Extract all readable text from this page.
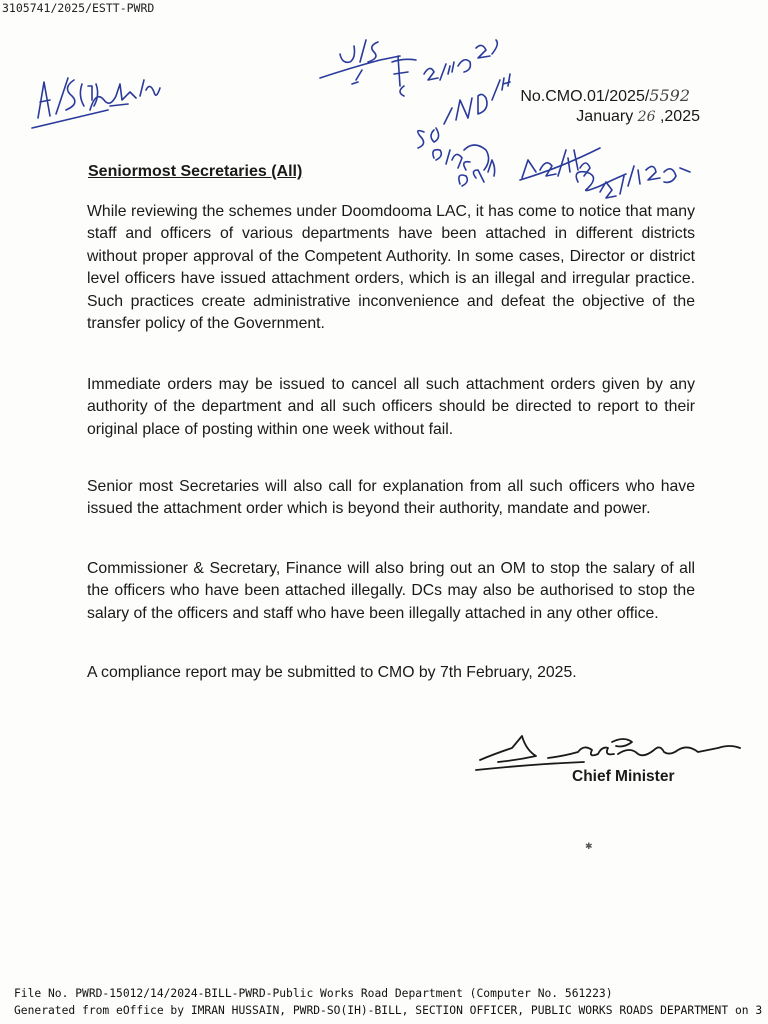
3105741/2025/ESTT-PWRD
No.CMO.01/2025/5592
January 26 ,2025
Seniormost Secretaries (All)

While reviewing the schemes under Doomdooma LAC, it has come to notice that many staff and officers of various departments have been attached in different districts without proper approval of the Competent Authority. In some cases, Director or district level officers have issued attachment orders, which is an illegal and irregular practice. Such practices create administrative inconvenience and defeat the objective of the transfer policy of the Government.

Immediate orders may be issued to cancel all such attachment orders given by any authority of the department and all such officers should be directed to report to their original place of posting within one week without fail.

Senior most Secretaries will also call for explanation from all such officers who have issued the attachment order which is beyond their authority, mandate and power.

Commissioner & Secretary, Finance will also bring out an OM to stop the salary of all the officers who have been attached illegally. DCs may also be authorised to stop the salary of the officers and staff who have been illegally attached in any other office.

A compliance report may be submitted to CMO by 7th February, 2025.

Chief Minister
✱
File No. PWRD-15012/14/2024-BILL-PWRD-Public Works Road Department (Computer No. 561223)
Generated from eOffice by IMRAN HUSSAIN, PWRD-SO(IH)-BILL, SECTION OFFICER, PUBLIC WORKS ROADS DEPARTMENT on 3
